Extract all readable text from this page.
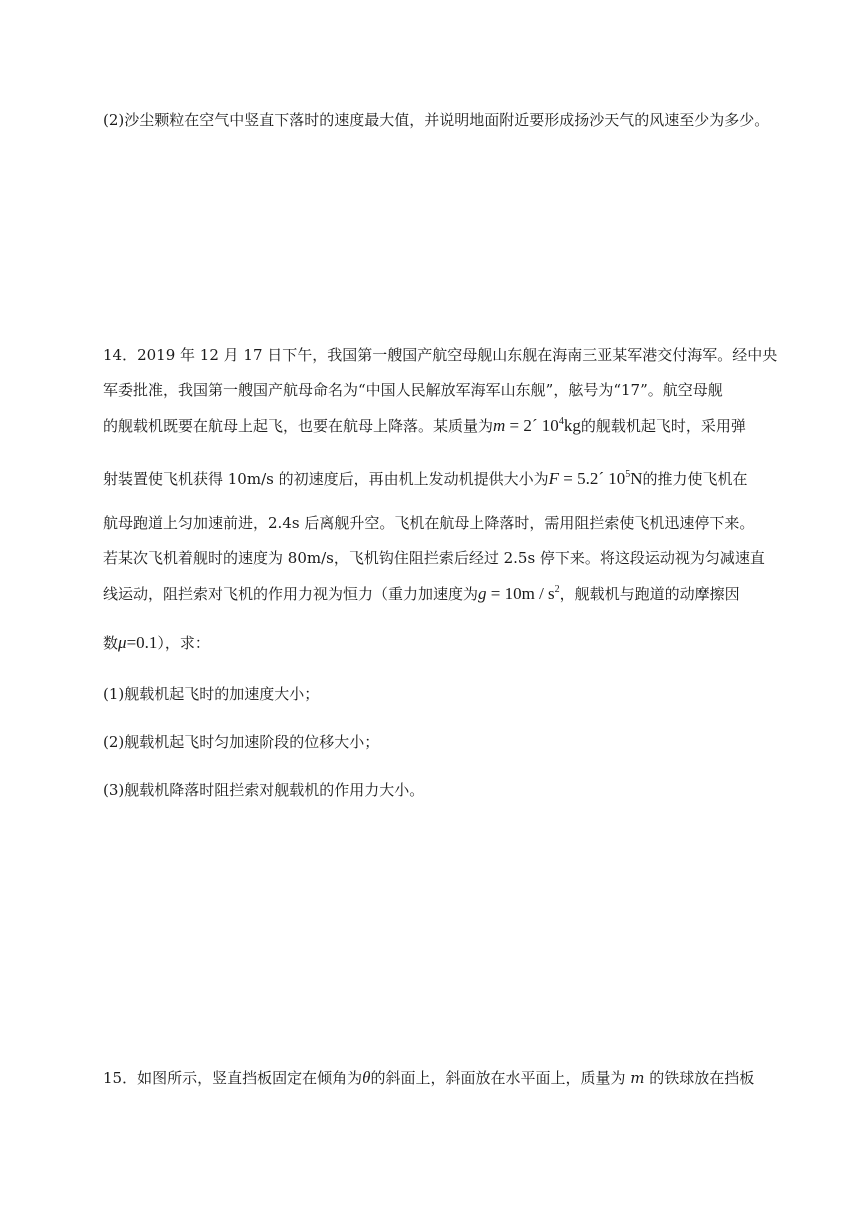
(2)沙尘颗粒在空气中竖直下落时的速度最大值，并说明地面附近要形成扬沙天气的风速至少为多少。
14．2019 年 12 月 17 日下午，我国第一艘国产航空母舰山东舰在海南三亚某军港交付海军。经中央
军委批准，我国第一艘国产航母命名为“中国人民解放军海军山东舰”，舷号为“17”。航空母舰
的舰载机既要在航母上起飞，也要在航母上降落。某质量为m = 2´ $10^4kg$的舰载机起飞时，采用弹
射装置使飞机获得 10m/s 的初速度后，再由机上发动机提供大小为F = 5.2´ $10^5N$的推力使飞机在
航母跑道上匀加速前进，2.4s 后离舰升空。飞机在航母上降落时，需用阻拦索使飞机迅速停下来。
若某次飞机着舰时的速度为 80m/s，飞机钩住阻拦索后经过 2.5s 停下来。将这段运动视为匀减速直
线运动，阻拦索对飞机的作用力视为恒力（重力加速度为$g = 10m / s^2$，舰载机与跑道的动摩擦因
数μ=0.1），求：
(1)舰载机起飞时的加速度大小；
(2)舰载机起飞时匀加速阶段的位移大小；
(3)舰载机降落时阻拦索对舰载机的作用力大小。
15．如图所示，竖直挡板固定在倾角为θ的斜面上，斜面放在水平面上，质量为 m 的铁球放在挡板
